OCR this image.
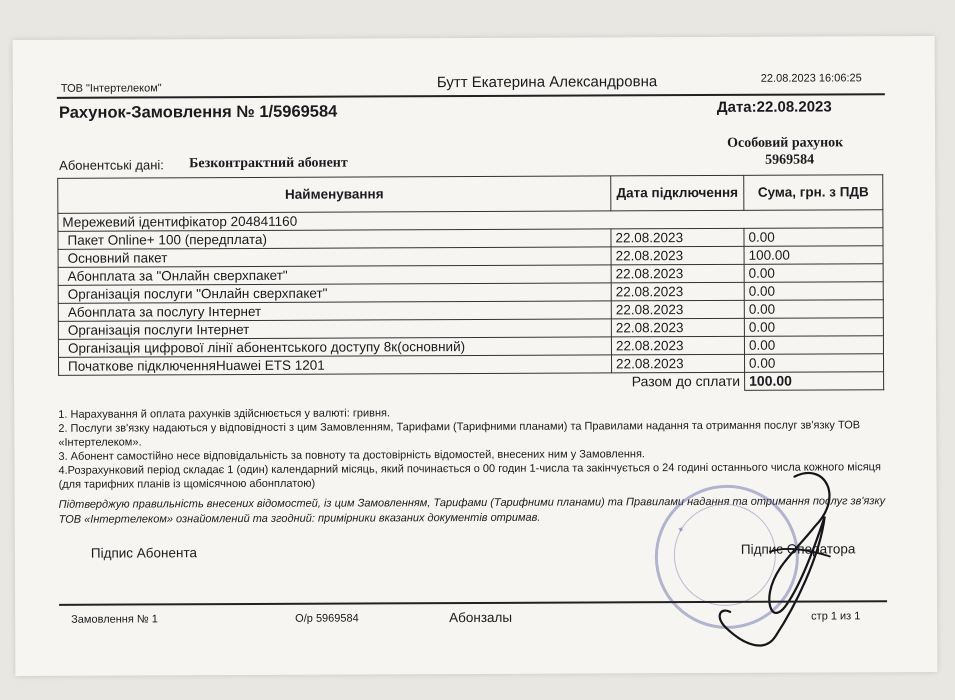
ТОВ "Інтертелеком"	Бутт Екатерина Александровна	22.08.2023 16:06:25
Рахунок-Замовлення № 1/5969584	Дата:22.08.2023
Особовий рахунок
5969584
Абонентські дані: Безконтрактний абонент
Найменування	Дата підключення	Сума, грн. з ПДВ
Мережевий ідентифікатор 204841160		
Пакет Online+ 100 (передплата)	22.08.2023	0.00
Основний пакет	22.08.2023	100.00
Абонплата за "Онлайн сверхпакет"	22.08.2023	0.00
Організація послуги "Онлайн сверхпакет"	22.08.2023	0.00
Абонплата за послугу Інтернет	22.08.2023	0.00
Організація послуги Інтернет	22.08.2023	0.00
Організація цифрової лінії абонентського доступу 8к(основний)	22.08.2023	0.00
Початкове підключенняHuawei ETS 1201	22.08.2023	0.00
	Разом до сплати	100.00

1. Нарахування й оплата рахунків здійснюється у валюті: гривня.

2. Послуги зв'язку надаються у відповідності з цим Замовленням, Тарифами (Тарифними планами) та Правилами надання та отримання послуг зв'язку ТОВ «Інтертелеком».

3. Абонент самостійно несе відповідальність за повноту та достовірність відомостей, внесених ним у Замовлення.

4.Розрахунковий період складає 1 (один) календарний місяць, який починається о 00 годин 1-числа та закінчується о 24 годині останнього числа кожного місяця (для тарифних планів із щомісячною абонплатою)

Підтверджую правильність внесених відомостей, із цим Замовленням, Тарифами (Тарифними планами) та Правилами надання та отримання послуг зв'язку ТОВ «Інтертелеком» ознайомлений та згодний: примірники вказаних документів отримав.
✦
Підпис Абонента	Підпис Оператора
Замовлення № 1	О/р 5969584	Абонзалы	стр 1 из 1
